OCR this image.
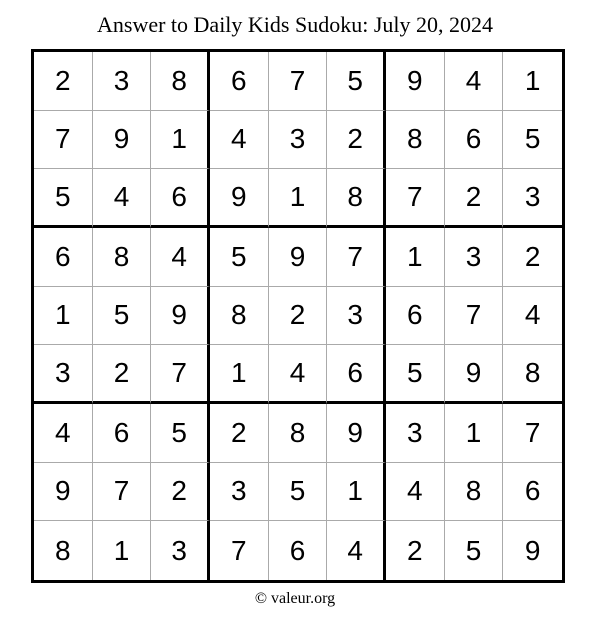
Answer to Daily Kids Sudoku: July 20, 2024
2	3	8	6	7	5	9	4	1
7	9	1	4	3	2	8	6	5
5	4	6	9	1	8	7	2	3
6	8	4	5	9	7	1	3	2
1	5	9	8	2	3	6	7	4
3	2	7	1	4	6	5	9	8
4	6	5	2	8	9	3	1	7
9	7	2	3	5	1	4	8	6
8	1	3	7	6	4	2	5	9
© valeur.org
